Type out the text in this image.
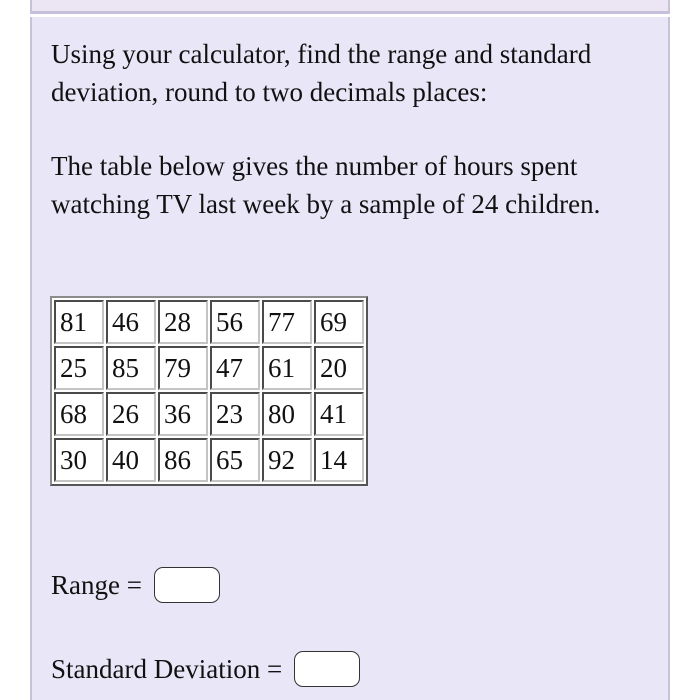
Using your calculator, find the range and standard deviation, round to two decimals places:

The table below gives the number of hours spent watching TV last week by a sample of 24 children.

81	46	28	56	77	69
25	85	79	47	61	20
68	26	36	23	80	41
30	40	86	65	92	14
Range =
Standard Deviation =
